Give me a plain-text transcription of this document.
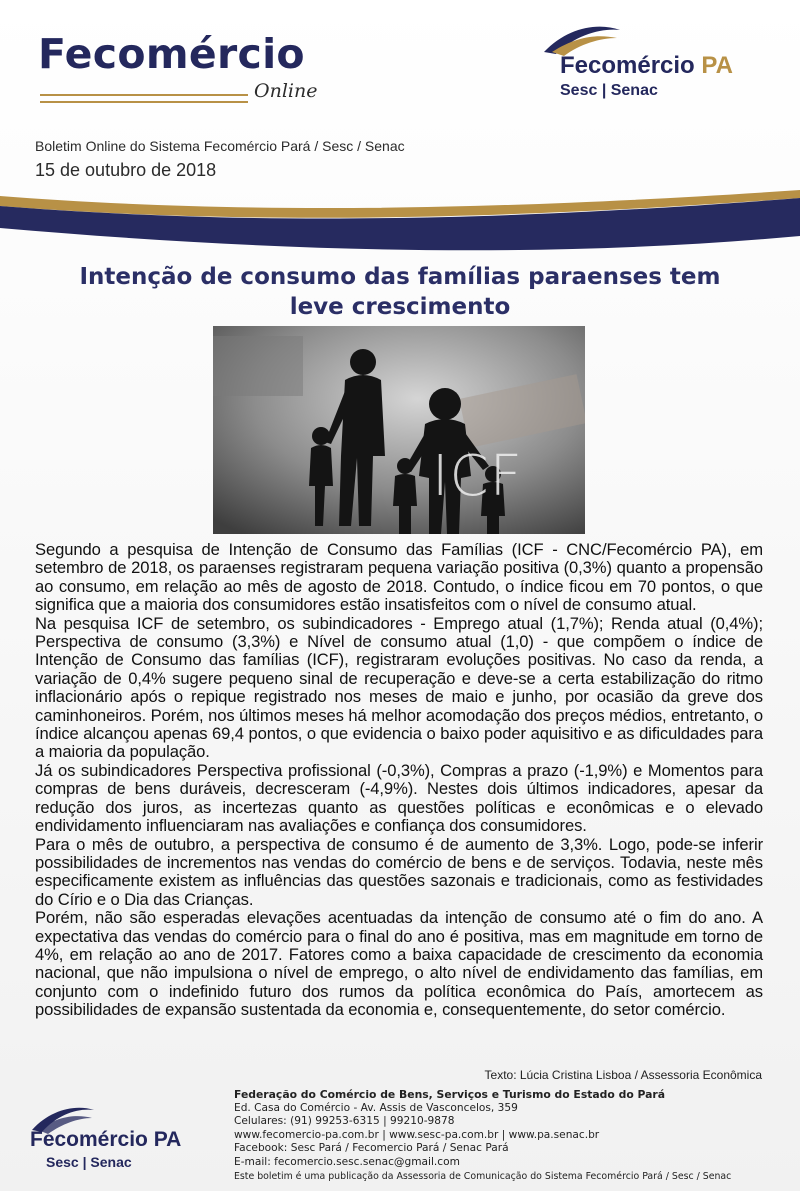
Fecomércio
Online
Fecomércio PA
Sesc | Senac
Boletim Online do Sistema Fecomércio Pará / Sesc / Senac
15 de outubro de 2018
Intenção de consumo das famílias paraenses tem leve crescimento
ICF

Segundo a pesquisa de Intenção de Consumo das Famílias (ICF - CNC/Fecomércio PA), em setembro de 2018, os paraenses registraram pequena variação positiva (0,3%) quanto a propensão ao consumo, em relação ao mês de agosto de 2018. Contudo, o índice ficou em 70 pontos, o que significa que a maioria dos consumidores estão insatisfeitos com o nível de consumo atual.

Na pesquisa ICF de setembro, os subindicadores - Emprego atual (1,7%); Renda atual (0,4%); Perspectiva de consumo (3,3%) e Nível de consumo atual (1,0) - que compõem o índice de Intenção de Consumo das famílias (ICF), registraram evoluções positivas. No caso da renda, a variação de 0,4% sugere pequeno sinal de recuperação e deve-se a certa estabilização do ritmo inflacionário após o repique registrado nos meses de maio e junho, por ocasião da greve dos caminhoneiros. Porém, nos últimos meses há melhor acomodação dos preços médios, entretanto, o índice alcançou apenas 69,4 pontos, o que evidencia o baixo poder aquisitivo e as dificuldades para a maioria da população.

Já os subindicadores Perspectiva profissional (-0,3%), Compras a prazo (-1,9%) e Momentos para compras de bens duráveis, decresceram (-4,9%). Nestes dois últimos indicadores, apesar da redução dos juros, as incertezas quanto as questões políticas e econômicas e o elevado endividamento influenciaram nas avaliações e confiança dos consumidores.

Para o mês de outubro, a perspectiva de consumo é de aumento de 3,3%. Logo, pode-se inferir possibilidades de incrementos nas vendas do comércio de bens e de serviços. Todavia, neste mês especificamente existem as influências das questões sazonais e tradicionais, como as festividades do Círio e o Dia das Crianças.

Porém, não são esperadas elevações acentuadas da intenção de consumo até o fim do ano. A expectativa das vendas do comércio para o final do ano é positiva, mas em magnitude em torno de 4%, em relação ao ano de 2017. Fatores como a baixa capacidade de crescimento da economia nacional, que não impulsiona o nível de emprego, o alto nível de endividamento das famílias, em conjunto com o indefinido futuro dos rumos da política econômica do País, amortecem as possibilidades de expansão sustentada da economia e, consequentemente, do setor comércio.

Texto: Lúcia Cristina Lisboa / Assessoria Econômica
Fecomércio PA
Sesc | Senac
Federação do Comércio de Bens, Serviços e Turismo do Estado do Pará
Ed. Casa do Comércio - Av. Assis de Vasconcelos, 359
Celulares: (91) 99253-6315 | 99210-9878
www.fecomercio-pa.com.br | www.sesc-pa.com.br | www.pa.senac.br
Facebook: Sesc Pará / Fecomercio Pará / Senac Pará
E-mail: fecomercio.sesc.senac@gmail.com
Este boletim é uma publicação da Assessoria de Comunicação do Sistema Fecomércio Pará / Sesc / Senac
